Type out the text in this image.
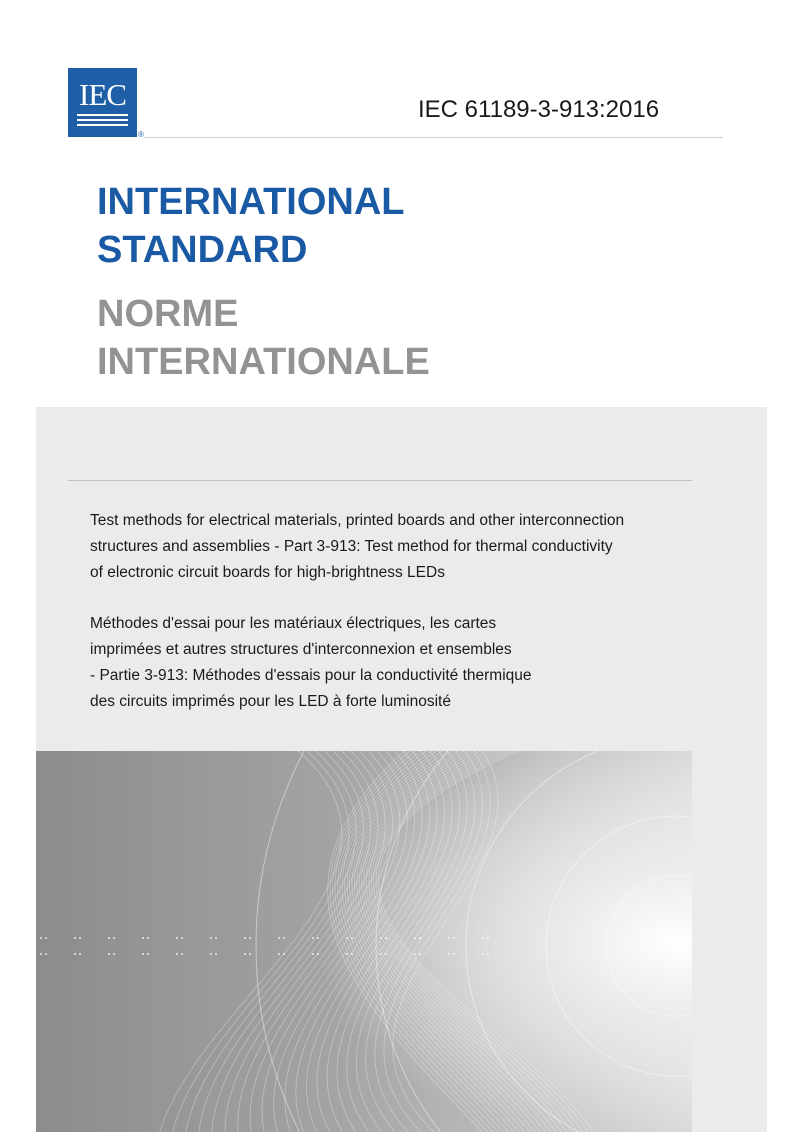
IEC
®
IEC 61189-3-913:2016
INTERNATIONAL
STANDARD
NORME
INTERNATIONALE

Test methods for electrical materials, printed boards and other interconnection
structures and assemblies - Part 3-913: Test method for thermal conductivity
of electronic circuit boards for high-brightness LEDs

Méthodes d'essai pour les matériaux électriques, les cartes
imprimées et autres structures d'interconnexion et ensembles
- Partie 3-913: Méthodes d'essais pour la conductivité thermique
des circuits imprimés pour les LED à forte luminosité
